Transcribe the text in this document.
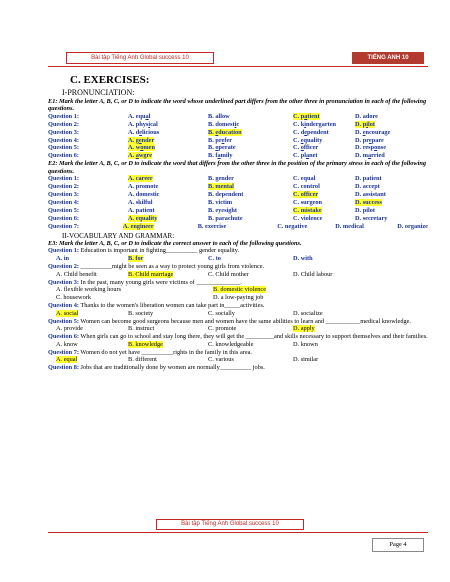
Bài tập Tiếng Anh Global success 10	TIẾNG ANH 10
C. EXERCISES:
I-PRONUNCIATION:
E1: Mark the letter A, B, C, or D to indicate the word whose underlined part differs from the other three in pronunciation in each of the following questions.
Question 1:	A. equal	B. allow	C. patient	D. adore
Question 2:	A. physical	B. domestic	C. kindergarten	D. pilot
Question 3:	A. delicious	B. education	C. dependent	D. encourage
Question 4:	A. gender	B. prefer	C. equality	D. prepare
Question 5:	A. women	B. operate	C. officer	D. response
Question 6:	A. awgre	B. family	C. planet	D. married
E2: Mark the letter A, B, C, or D to indicate the word that differs from the other three in the position of the primary stress in each of the following questions.
Question 1:	A. career	B. gender	C. equal	D. patient
Question 2:	A. promote	B. mental	C. control	D. accept
Question 3:	A. domestic	B. dependent	C. officer	D. assistant
Question 4:	A. skilful	B. victim	C. surgeon	D. success
Question 5:	A. patient	B. eyesight	C. mistake	D. pilot
Question 6:	A. equality	B. parachute	C. violence	D. secretary
Question 7:	A. engineer	B. exercise	C. negative	D. medical	D. organize
II-VOCABULARY AND GRAMMAR:
E3: Mark the letter A, B, C, or D to indicate the correct answer to each of the following questions.
Question 1: Education is important in fighting__________ gender equality.
A. in	B. for	C. to	D. with
Question 2: __________might be seen as a way to protect young girls from violence.
A. Child benefit	B. Child marriage	C. Child mother	D. Child labour
Question 3: In the past, many young girls were victims of ______________.
A. flexible working hours	B. domestic violence
C. housework	D. a low-paying job
Question 4: Thanks to the women's liberation women can take part in_____activities.
A. social	B. society	C. socially	D. socialize
Question 5: Women can become good surgeons because men and women have the same abilities to learn and ___________medical knowledge.
A. provide	B. instruct	C. promote	D. apply
Question 6: When girls can go to school and stay long there, they will get the _________and skills necessary to support themselves and their families.
A. know	B. knowledge	C. knowledgeable	D. known
Question 7: Women do not yet have __________rights in the family in this area.
A. equal	B. different	C. various	D. similar
Question 8: Jobs that are traditionally done by women are normally__________ jobs.
Bài tập Tiếng Anh Global success 10
Page 4
